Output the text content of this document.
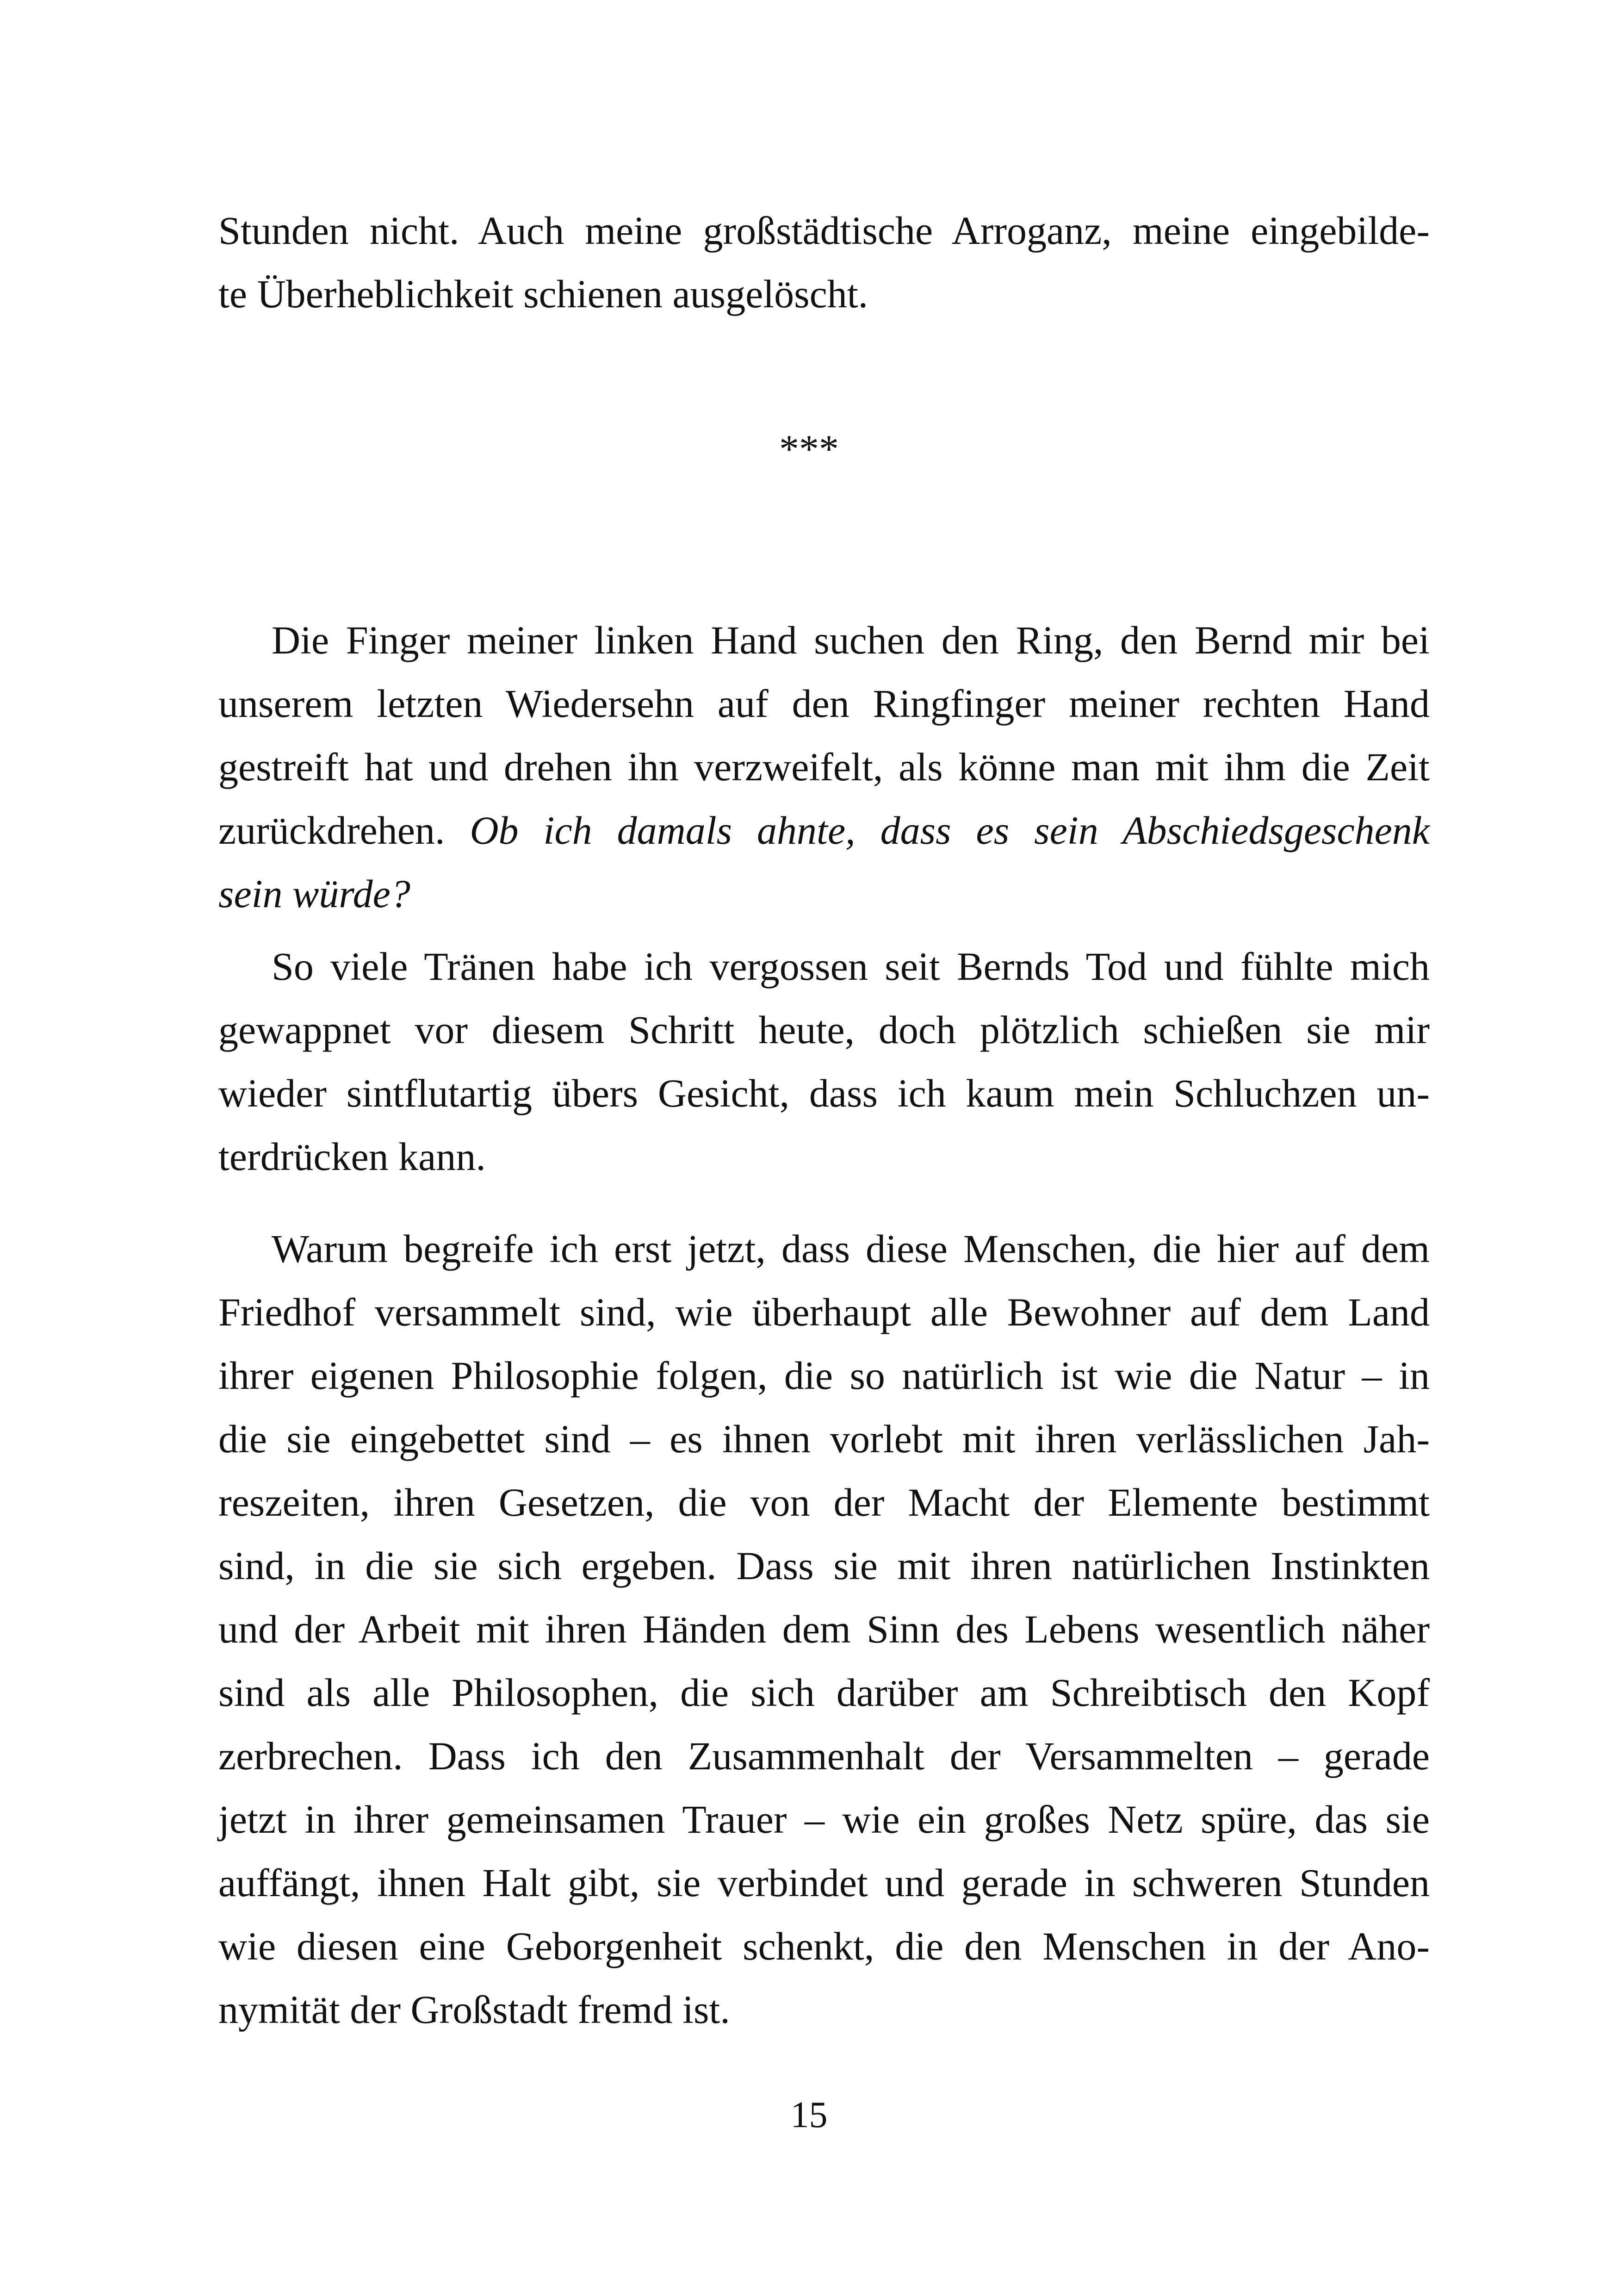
Stunden nicht. Auch meine großstädtische Arroganz, meine eingebilde-
te Überheblichkeit schienen ausgelöscht.
***
Die Finger meiner linken Hand suchen den Ring, den Bernd mir bei
unserem letzten Wiedersehn auf den Ringfinger meiner rechten Hand
gestreift hat und drehen ihn verzweifelt, als könne man mit ihm die Zeit
zurückdrehen. Ob ich damals ahnte, dass es sein Abschiedsgeschenk
sein würde?
So viele Tränen habe ich vergossen seit Bernds Tod und fühlte mich
gewappnet vor diesem Schritt heute, doch plötzlich schießen sie mir
wieder sintflutartig übers Gesicht, dass ich kaum mein Schluchzen un-
terdrücken kann.
Warum begreife ich erst jetzt, dass diese Menschen, die hier auf dem
Friedhof versammelt sind, wie überhaupt alle Bewohner auf dem Land
ihrer eigenen Philosophie folgen, die so natürlich ist wie die Natur – in
die sie eingebettet sind – es ihnen vorlebt mit ihren verlässlichen Jah-
reszeiten, ihren Gesetzen, die von der Macht der Elemente bestimmt
sind, in die sie sich ergeben. Dass sie mit ihren natürlichen Instinkten
und der Arbeit mit ihren Händen dem Sinn des Lebens wesentlich näher
sind als alle Philosophen, die sich darüber am Schreibtisch den Kopf
zerbrechen. Dass ich den Zusammenhalt der Versammelten – gerade
jetzt in ihrer gemeinsamen Trauer – wie ein großes Netz spüre, das sie
auffängt, ihnen Halt gibt, sie verbindet und gerade in schweren Stunden
wie diesen eine Geborgenheit schenkt, die den Menschen in der Ano-
nymität der Großstadt fremd ist.
15
